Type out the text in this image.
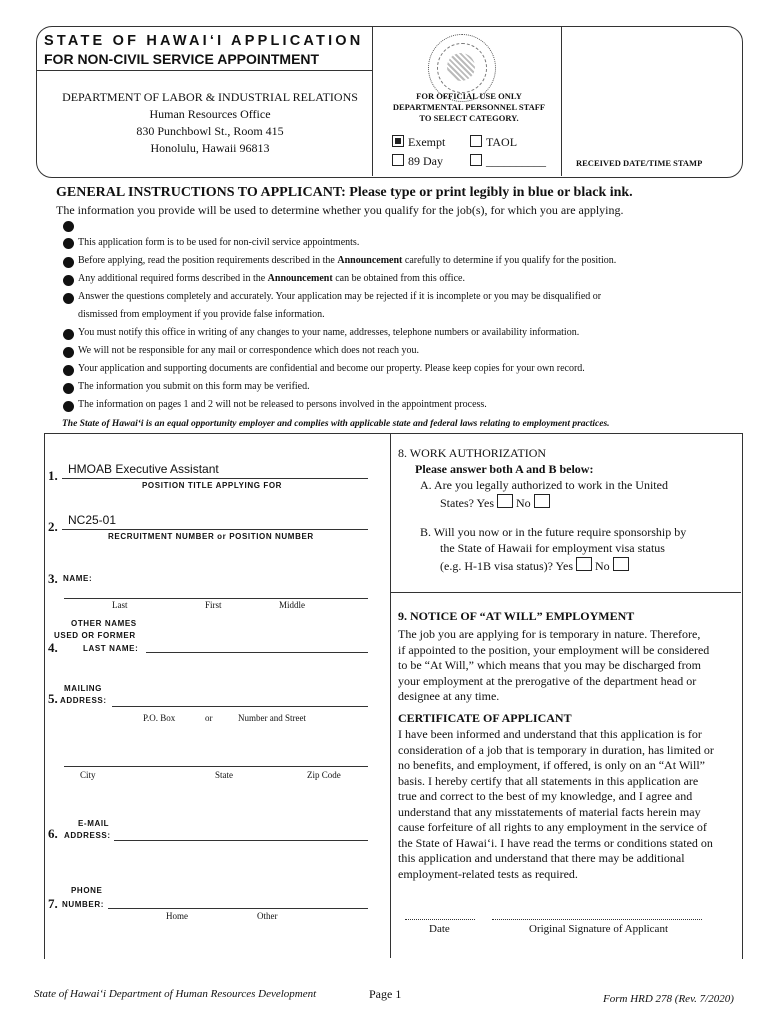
STATE OF HAWAI‘I APPLICATION
FOR NON-CIVIL SERVICE APPOINTMENT
DEPARTMENT OF LABOR & INDUSTRIAL RELATIONS
Human Resources Office
830 Punchbowl St., Room 415
Honolulu, Hawaii 96813
FOR OFFICIAL USE ONLY
DEPARTMENTAL PERSONNEL STAFF
TO SELECT CATEGORY.
Exempt	TAOL
89 Day	__________	RECEIVED DATE/TIME STAMP
GENERAL INSTRUCTIONS TO APPLICANT: Please type or print legibly in blue or black ink.
The information you provide will be used to determine whether you qualify for the job(s), for which you are applying.
This application form is to be used for non-civil service appointments.
Before applying, read the position requirements described in the Announcement carefully to determine if you qualify for the position.
Any additional required forms described in the Announcement can be obtained from this office.
Answer the questions completely and accurately. Your application may be rejected if it is incomplete or you may be disqualified or
dismissed from employment if you provide false information.
You must notify this office in writing of any changes to your name, addresses, telephone numbers or availability information.
We will not be responsible for any mail or correspondence which does not reach you.
Your application and supporting documents are confidential and become our property. Please keep copies for your own record.
The information you submit on this form may be verified.
The information on pages 1 and 2 will not be released to persons involved in the appointment process.
The State of Hawai‘i is an equal opportunity employer and complies with applicable state and federal laws relating to employment practices.
1. HMOAB Executive Assistant
POSITION TITLE APPLYING FOR
2. NC25-01
RECRUITMENT NUMBER or POSITION NUMBER
3. NAME:
Last	First	Middle
OTHER NAMES
USED OR FORMER
4.	LAST NAME:
MAILING
5. ADDRESS:
P.O. Box	or	Number and Street
City	State	Zip Code
E-MAIL
6. ADDRESS:
PHONE
7. NUMBER:
Home	Other
8. WORK AUTHORIZATION
Please answer both A and B below:
A. Are you legally authorized to work in the United
States? Yes No
B. Will you now or in the future require sponsorship by
the State of Hawaii for employment visa status
(e.g. H-1B visa status)? Yes No
9. NOTICE OF “AT WILL” EMPLOYMENT
The job you are applying for is temporary in nature. Therefore,
if appointed to the position, your employment will be considered
to be “At Will,” which means that you may be discharged from
your employment at the prerogative of the department head or
designee at any time.
CERTIFICATE OF APPLICANT
I have been informed and understand that this application is for
consideration of a job that is temporary in duration, has limited or
no benefits, and employment, if offered, is only on an “At Will”
basis. I hereby certify that all statements in this application are
true and correct to the best of my knowledge, and I agree and
understand that any misstatements of material facts herein may
cause forfeiture of all rights to any employment in the service of
the State of Hawai‘i. I have read the terms or conditions stated on
this application and understand that there may be additional
employment-related tests as required.
Date	Original Signature of Applicant
State of Hawai‘i Department of Human Resources Development	Page 1	Form HRD 278 (Rev. 7/2020)
